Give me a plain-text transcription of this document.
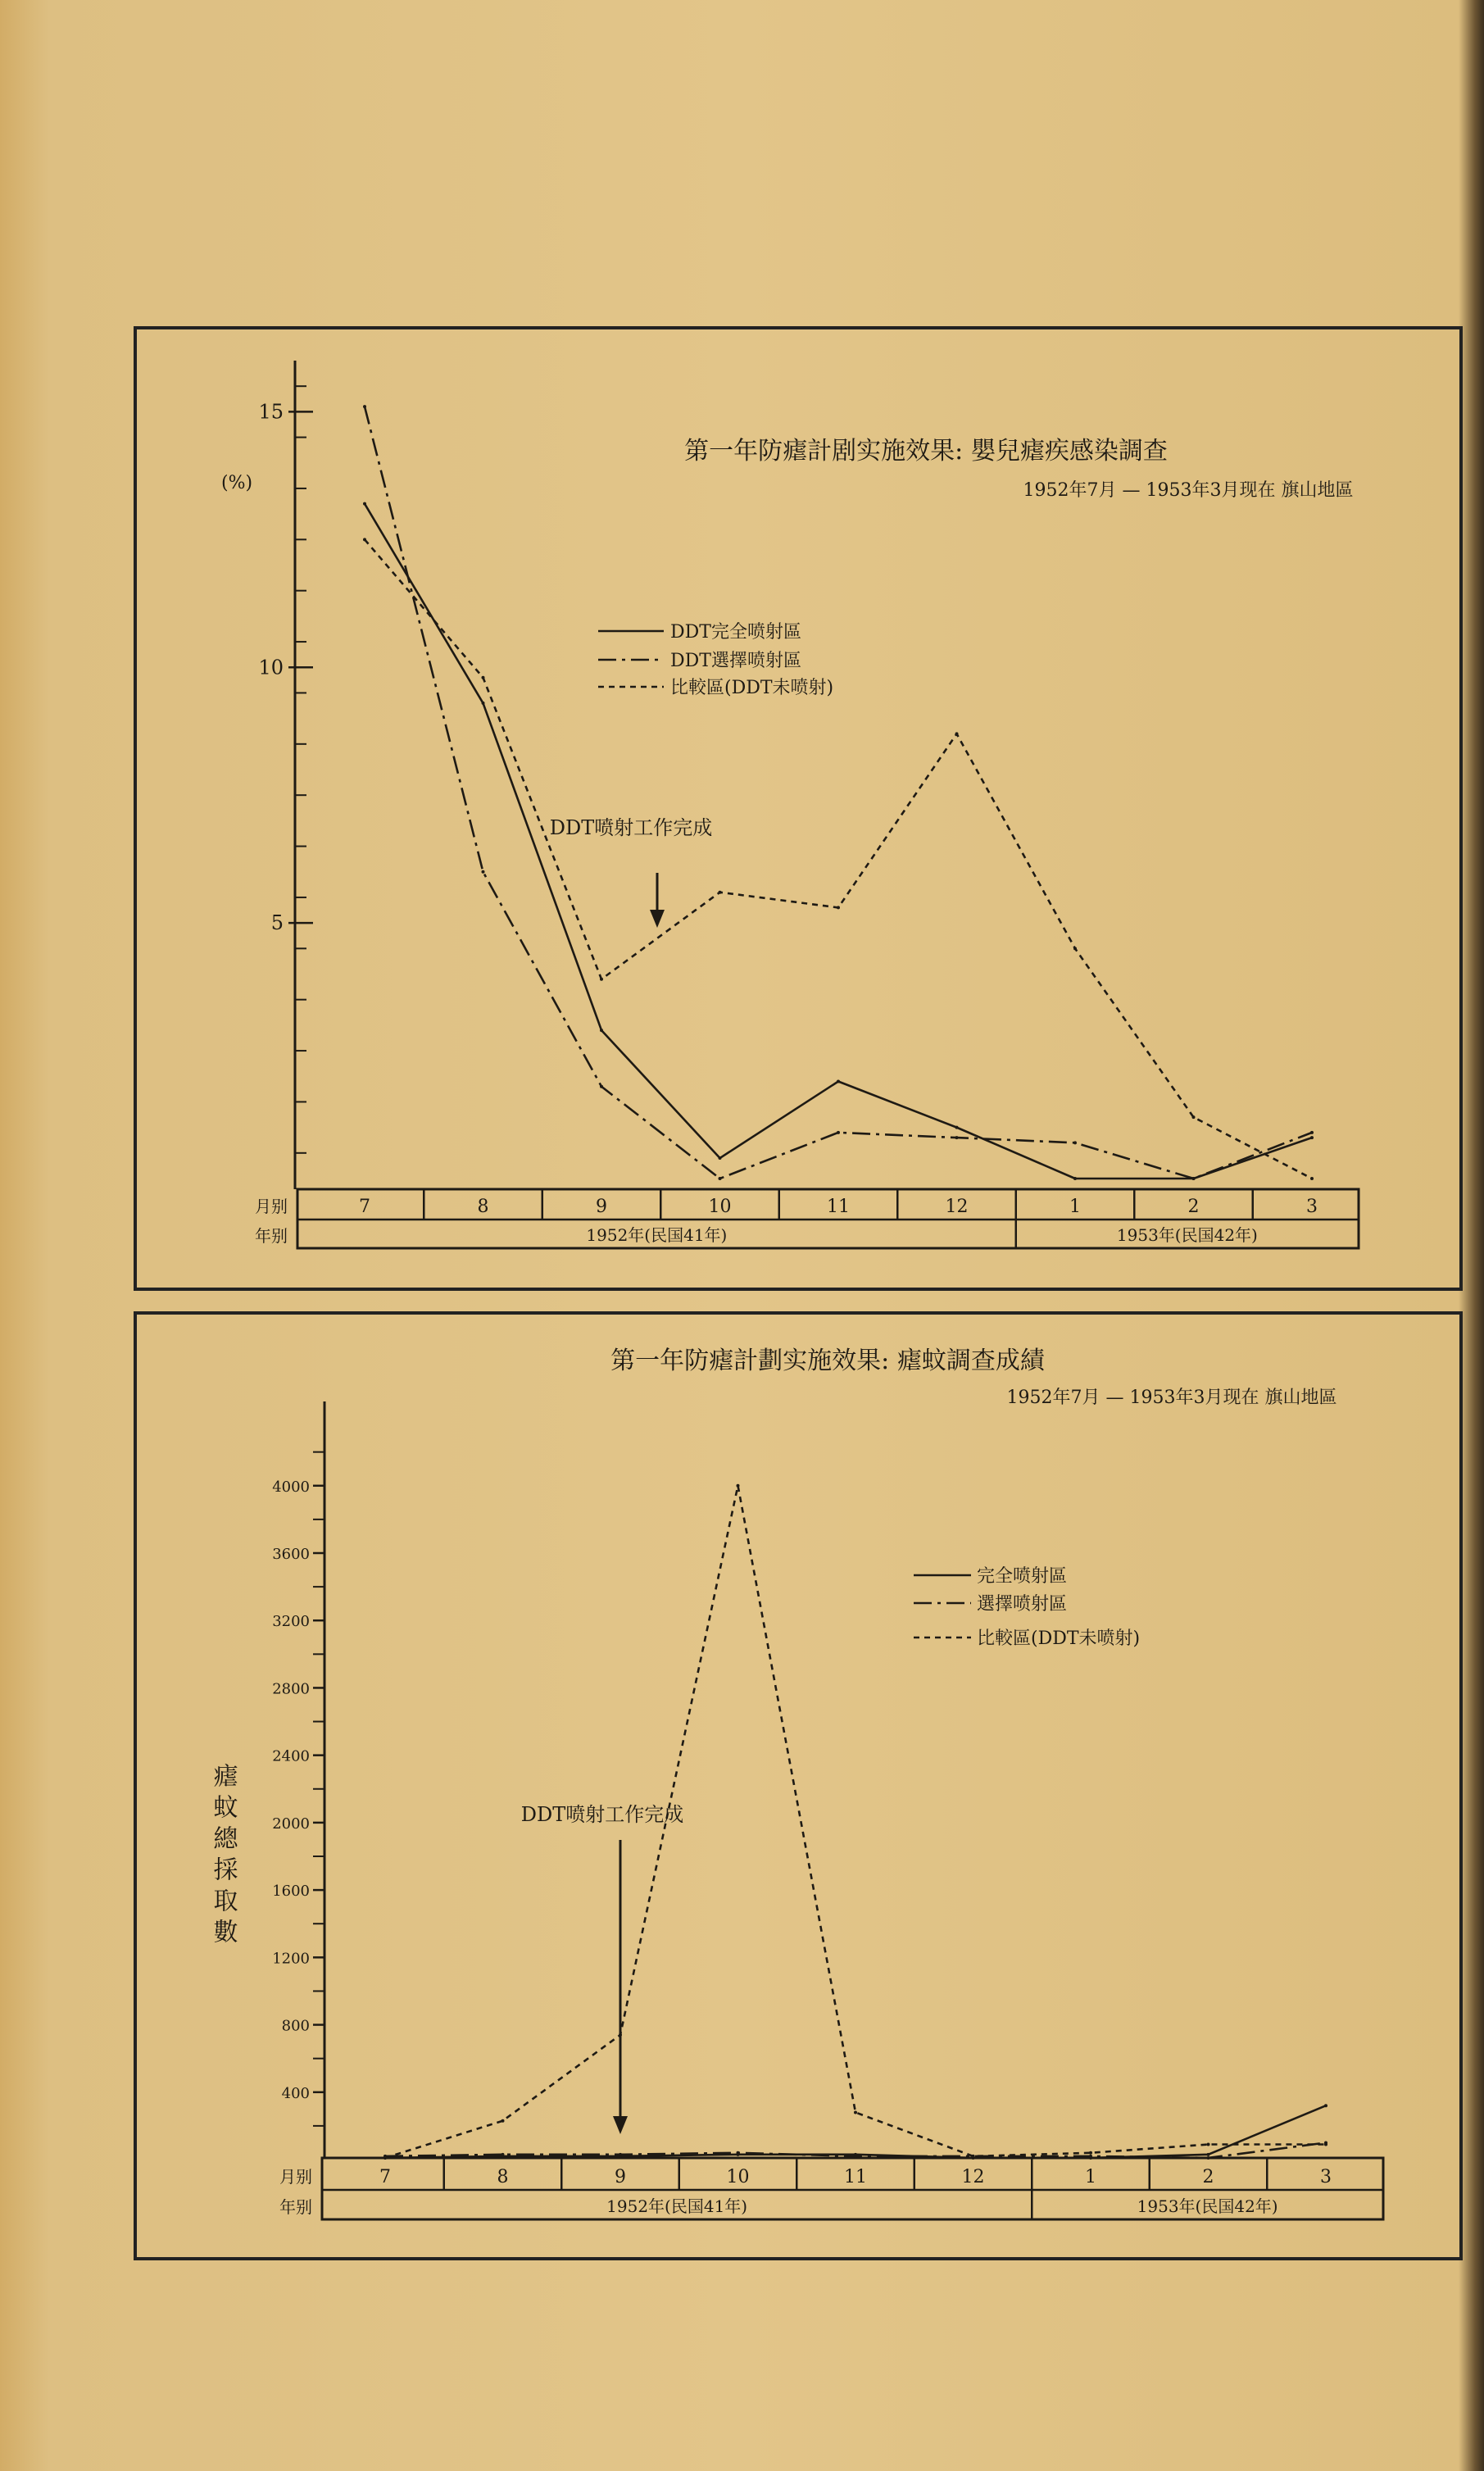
第一年防瘧計剧实施效果: 嬰兒瘧疾感染調查
1952年7月 — 1953年3月现在 旗山地區
5
10
15
(%)
7	8	9	10	11	12	1	2	3
1952年(民国41年)	1953年(民国42年)
月别
年别
DDT完全喷射區
DDT選擇喷射區
比較區(DDT未喷射)
DDT喷射工作完成
第一年防瘧計劃实施效果: 瘧蚊調查成績
1952年7月 — 1953年3月现在 旗山地區
400
800
1200
1600
2000
2400
2800
3200
3600
4000
瘧蚊總採取數
7	8	9	10	11	12	1	2	3
1952年(民国41年)	1953年(民国42年)
月别
年别
完全喷射區
選擇喷射區
比較區(DDT未喷射)
DDT喷射工作完成
